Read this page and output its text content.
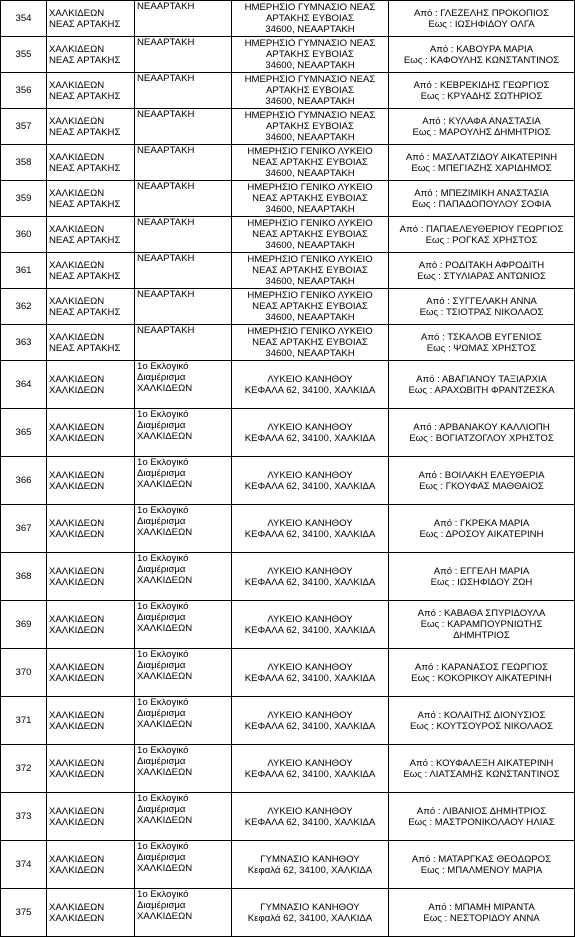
354	ΧΑΛΚΙΔΕΩΝ
ΝΕΑΣ ΑΡΤΑΚΗΣ	ΝΕΑΑΡΤΑΚΗ	ΗΜΕΡΗΣΙΟ ΓΥΜΝΑΣΙΟ ΝΕΑΣ
ΑΡΤΑΚΗΣ ΕΥΒΟΙΑΣ
34600, ΝΕΑΑΡΤΑΚΗ	Από : ΓΛΕΖΕΛΗΣ ΠΡΟΚΟΠΙΟΣ
Εως : ΙΩΣΗΦΙΔΟΥ ΟΛΓΑ

355	ΧΑΛΚΙΔΕΩΝ
ΝΕΑΣ ΑΡΤΑΚΗΣ	ΝΕΑΑΡΤΑΚΗ	ΗΜΕΡΗΣΙΟ ΓΥΜΝΑΣΙΟ ΝΕΑΣ
ΑΡΤΑΚΗΣ ΕΥΒΟΙΑΣ
34600, ΝΕΑΑΡΤΑΚΗ	Από : ΚΑΒΟΥΡΑ ΜΑΡΙΑ
Εως : ΚΑΦΟΥΛΗΣ ΚΩΝΣΤΑΝΤΙΝΟΣ

356	ΧΑΛΚΙΔΕΩΝ
ΝΕΑΣ ΑΡΤΑΚΗΣ	ΝΕΑΑΡΤΑΚΗ	ΗΜΕΡΗΣΙΟ ΓΥΜΝΑΣΙΟ ΝΕΑΣ
ΑΡΤΑΚΗΣ ΕΥΒΟΙΑΣ
34600, ΝΕΑΑΡΤΑΚΗ	Από : ΚΕΒΡΕΚΙΔΗΣ ΓΕΩΡΓΙΟΣ
Εως : ΚΡΥΑΔΗΣ ΣΩΤΗΡΙΟΣ

357	ΧΑΛΚΙΔΕΩΝ
ΝΕΑΣ ΑΡΤΑΚΗΣ	ΝΕΑΑΡΤΑΚΗ	ΗΜΕΡΗΣΙΟ ΓΥΜΝΑΣΙΟ ΝΕΑΣ
ΑΡΤΑΚΗΣ ΕΥΒΟΙΑΣ
34600, ΝΕΑΑΡΤΑΚΗ	Από : ΚΥΛΑΦΑ ΑΝΑΣΤΑΣΙΑ
Εως : ΜΑΡΟΥΛΗΣ ΔΗΜΗΤΡΙΟΣ

358	ΧΑΛΚΙΔΕΩΝ
ΝΕΑΣ ΑΡΤΑΚΗΣ	ΝΕΑΑΡΤΑΚΗ	ΗΜΕΡΗΣΙΟ ΓΕΝΙΚΟ ΛΥΚΕΙΟ
ΝΕΑΣ ΑΡΤΑΚΗΣ ΕΥΒΟΙΑΣ
34600, ΝΕΑΑΡΤΑΚΗ	Από : ΜΑΣΛΑΤΖΙΔΟΥ ΑΙΚΑΤΕΡΙΝΗ
Εως : ΜΠΕΓΙΑΖΗΣ ΧΑΡΙΔΗΜΟΣ

359	ΧΑΛΚΙΔΕΩΝ
ΝΕΑΣ ΑΡΤΑΚΗΣ	ΝΕΑΑΡΤΑΚΗ	ΗΜΕΡΗΣΙΟ ΓΕΝΙΚΟ ΛΥΚΕΙΟ
ΝΕΑΣ ΑΡΤΑΚΗΣ ΕΥΒΟΙΑΣ
34600, ΝΕΑΑΡΤΑΚΗ	Από : ΜΠΕΖΙΜΙΚΗ ΑΝΑΣΤΑΣΙΑ
Εως : ΠΑΠΑΔΟΠΟΥΛΟΥ ΣΟΦΙΑ

360	ΧΑΛΚΙΔΕΩΝ
ΝΕΑΣ ΑΡΤΑΚΗΣ	ΝΕΑΑΡΤΑΚΗ	ΗΜΕΡΗΣΙΟ ΓΕΝΙΚΟ ΛΥΚΕΙΟ
ΝΕΑΣ ΑΡΤΑΚΗΣ ΕΥΒΟΙΑΣ
34600, ΝΕΑΑΡΤΑΚΗ	Από : ΠΑΠΑΕΛΕΥΘΕΡΙΟΥ ΓΕΩΡΓΙΟΣ
Εως : ΡΟΓΚΑΣ ΧΡΗΣΤΟΣ

361	ΧΑΛΚΙΔΕΩΝ
ΝΕΑΣ ΑΡΤΑΚΗΣ	ΝΕΑΑΡΤΑΚΗ	ΗΜΕΡΗΣΙΟ ΓΕΝΙΚΟ ΛΥΚΕΙΟ
ΝΕΑΣ ΑΡΤΑΚΗΣ ΕΥΒΟΙΑΣ
34600, ΝΕΑΑΡΤΑΚΗ	Από : ΡΟΔΙΤΑΚΗ ΑΦΡΟΔΙΤΗ
Εως : ΣΤΥΛΙΑΡΑΣ ΑΝΤΩΝΙΟΣ

362	ΧΑΛΚΙΔΕΩΝ
ΝΕΑΣ ΑΡΤΑΚΗΣ	ΝΕΑΑΡΤΑΚΗ	ΗΜΕΡΗΣΙΟ ΓΕΝΙΚΟ ΛΥΚΕΙΟ
ΝΕΑΣ ΑΡΤΑΚΗΣ ΕΥΒΟΙΑΣ
34600, ΝΕΑΑΡΤΑΚΗ	Από : ΣΥΓΓΕΛΑΚΗ ΑΝΝΑ
Εως : ΤΣΙΟΤΡΑΣ ΝΙΚΟΛΑΟΣ

363	ΧΑΛΚΙΔΕΩΝ
ΝΕΑΣ ΑΡΤΑΚΗΣ	ΝΕΑΑΡΤΑΚΗ	ΗΜΕΡΗΣΙΟ ΓΕΝΙΚΟ ΛΥΚΕΙΟ
ΝΕΑΣ ΑΡΤΑΚΗΣ ΕΥΒΟΙΑΣ
34600, ΝΕΑΑΡΤΑΚΗ	Από : ΤΣΚΑΛΟΒ ΕΥΓΕΝΙΟΣ
Εως : ΨΩΜΑΣ ΧΡΗΣΤΟΣ

364	ΧΑΛΚΙΔΕΩΝ
ΧΑΛΚΙΔΕΩΝ	1ο Εκλογικό
Διαμέρισμα
ΧΑΛΚΙΔΕΩΝ	ΛΥΚΕΙΟ ΚΑΝΗΘΟΥ
ΚΕΦΑΛΑ 62, 34100, ΧΑΛΚΙΔΑ	Από : ΑΒΑΓΙΑΝΟΥ ΤΑΞΙΑΡΧΙΑ
Εως : ΑΡΑΧΩΒΙΤΗ ΦΡΑΝΤΖΕΣΚΑ

365	ΧΑΛΚΙΔΕΩΝ
ΧΑΛΚΙΔΕΩΝ	1ο Εκλογικό
Διαμέρισμα
ΧΑΛΚΙΔΕΩΝ	ΛΥΚΕΙΟ ΚΑΝΗΘΟΥ
ΚΕΦΑΛΑ 62, 34100, ΧΑΛΚΙΔΑ	Από : ΑΡΒΑΝΑΚΟΥ ΚΑΛΛΙΟΠΗ
Εως : ΒΟΓΙΑΤΖΟΓΛΟΥ ΧΡΗΣΤΟΣ

366	ΧΑΛΚΙΔΕΩΝ
ΧΑΛΚΙΔΕΩΝ	1ο Εκλογικό
Διαμέρισμα
ΧΑΛΚΙΔΕΩΝ	ΛΥΚΕΙΟ ΚΑΝΗΘΟΥ
ΚΕΦΑΛΑ 62, 34100, ΧΑΛΚΙΔΑ	Από : ΒΟΙΛΑΚΗ ΕΛΕΥΘΕΡΙΑ
Εως : ΓΚΟΥΦΑΣ ΜΑΘΘΑΙΟΣ

367	ΧΑΛΚΙΔΕΩΝ
ΧΑΛΚΙΔΕΩΝ	1ο Εκλογικό
Διαμέρισμα
ΧΑΛΚΙΔΕΩΝ	ΛΥΚΕΙΟ ΚΑΝΗΘΟΥ
ΚΕΦΑΛΑ 62, 34100, ΧΑΛΚΙΔΑ	Από : ΓΚΡΕΚΑ ΜΑΡΙΑ
Εως : ΔΡΟΣΟΥ ΑΙΚΑΤΕΡΙΝΗ

368	ΧΑΛΚΙΔΕΩΝ
ΧΑΛΚΙΔΕΩΝ	1ο Εκλογικό
Διαμέρισμα
ΧΑΛΚΙΔΕΩΝ	ΛΥΚΕΙΟ ΚΑΝΗΘΟΥ
ΚΕΦΑΛΑ 62, 34100, ΧΑΛΚΙΔΑ	Από : ΕΓΓΕΛΗ ΜΑΡΙΑ
Εως : ΙΩΣΗΦΙΔΟΥ ΖΩΗ

369	ΧΑΛΚΙΔΕΩΝ
ΧΑΛΚΙΔΕΩΝ	1ο Εκλογικό
Διαμέρισμα
ΧΑΛΚΙΔΕΩΝ	ΛΥΚΕΙΟ ΚΑΝΗΘΟΥ
ΚΕΦΑΛΑ 62, 34100, ΧΑΛΚΙΔΑ	Από : ΚΑΒΑΘΑ ΣΠΥΡΙΔΟΥΛΑ
Εως : ΚΑΡΑΜΠΟΥΡΝΙΩΤΗΣ
ΔΗΜΗΤΡΙΟΣ

370	ΧΑΛΚΙΔΕΩΝ
ΧΑΛΚΙΔΕΩΝ	1ο Εκλογικό
Διαμέρισμα
ΧΑΛΚΙΔΕΩΝ	ΛΥΚΕΙΟ ΚΑΝΗΘΟΥ
ΚΕΦΑΛΑ 62, 34100, ΧΑΛΚΙΔΑ	Από : ΚΑΡΑΝΑΣΟΣ ΓΕΩΡΓΙΟΣ
Εως : ΚΟΚΟΡΙΚΟΥ ΑΙΚΑΤΕΡΙΝΗ

371	ΧΑΛΚΙΔΕΩΝ
ΧΑΛΚΙΔΕΩΝ	1ο Εκλογικό
Διαμέρισμα
ΧΑΛΚΙΔΕΩΝ	ΛΥΚΕΙΟ ΚΑΝΗΘΟΥ
ΚΕΦΑΛΑ 62, 34100, ΧΑΛΚΙΔΑ	Από : ΚΟΛΑΙΤΗΣ ΔΙΟΝΥΣΙΟΣ
Εως : ΚΟΥΤΣΟΥΡΟΣ ΝΙΚΟΛΑΟΣ

372	ΧΑΛΚΙΔΕΩΝ
ΧΑΛΚΙΔΕΩΝ	1ο Εκλογικό
Διαμέρισμα
ΧΑΛΚΙΔΕΩΝ	ΛΥΚΕΙΟ ΚΑΝΗΘΟΥ
ΚΕΦΑΛΑ 62, 34100, ΧΑΛΚΙΔΑ	Από : ΚΟΥΦΑΛΕΞΗ ΑΙΚΑΤΕΡΙΝΗ
Εως : ΛΙΑΤΣΑΜΗΣ ΚΩΝΣΤΑΝΤΙΝΟΣ

373	ΧΑΛΚΙΔΕΩΝ
ΧΑΛΚΙΔΕΩΝ	1ο Εκλογικό
Διαμέρισμα
ΧΑΛΚΙΔΕΩΝ	ΛΥΚΕΙΟ ΚΑΝΗΘΟΥ
ΚΕΦΑΛΑ 62, 34100, ΧΑΛΚΙΔΑ	Από : ΛΙΒΑΝΙΟΣ ΔΗΜΗΤΡΙΟΣ
Εως : ΜΑΣΤΡΟΝΙΚΟΛΑΟΥ ΗΛΙΑΣ

374	ΧΑΛΚΙΔΕΩΝ
ΧΑΛΚΙΔΕΩΝ	1ο Εκλογικό
Διαμέρισμα
ΧΑΛΚΙΔΕΩΝ	ΓΥΜΝΑΣΙΟ ΚΑΝΗΘΟΥ
Κεφαλά 62, 34100, ΧΑΛΚΙΔΑ	Από : ΜΑΤΑΡΓΚΑΣ ΘΕΟΔΩΡΟΣ
Εως : ΜΠΑΛΜΕΝΟΥ ΜΑΡΙΑ

375	ΧΑΛΚΙΔΕΩΝ
ΧΑΛΚΙΔΕΩΝ	1ο Εκλογικό
Διαμέρισμα
ΧΑΛΚΙΔΕΩΝ	ΓΥΜΝΑΣΙΟ ΚΑΝΗΘΟΥ
Κεφαλά 62, 34100, ΧΑΛΚΙΔΑ	Από : ΜΠΑΜΗ ΜΙΡΑΝΤΑ
Εως : ΝΕΣΤΟΡΙΔΟΥ ΑΝΝΑ
